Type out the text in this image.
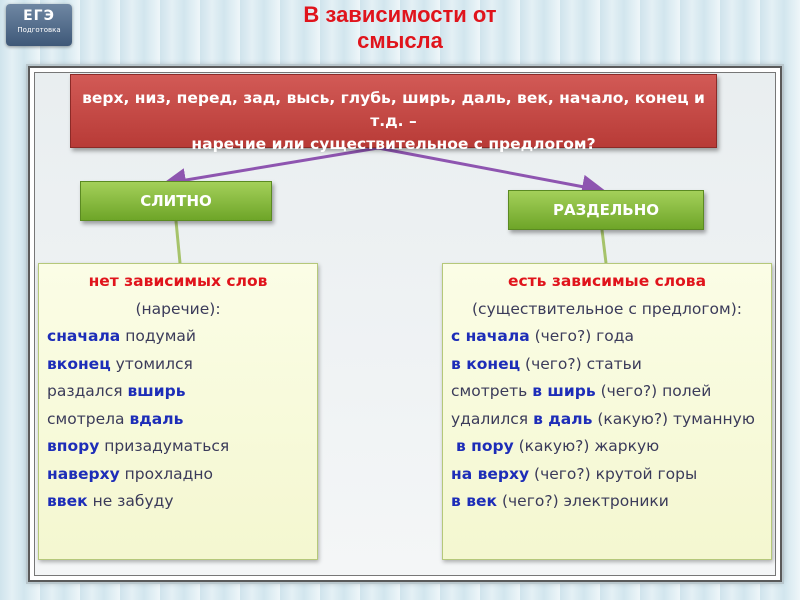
ЕГЭ
Подготовка
В зависимости от
смысла
верх, низ, перед, зад, высь, глубь, ширь, даль, век, начало, конец и т.д. –
наречие или существительное с предлогом?
СЛИТНО	РАЗДЕЛЬНО
нет зависимых слов
(наречие):
сначала подумай
вконец утомился
раздался вширь
смотрела вдаль
впору призадуматься
наверху прохладно
ввек не забуду
есть зависимые слова
(существительное с предлогом):
с начала (чего?) года
в конец (чего?) статьи
смотреть в ширь (чего?) полей
удалился в даль (какую?) туманную
в пору (какую?) жаркую
на верху (чего?) крутой горы
в век (чего?) электроники
